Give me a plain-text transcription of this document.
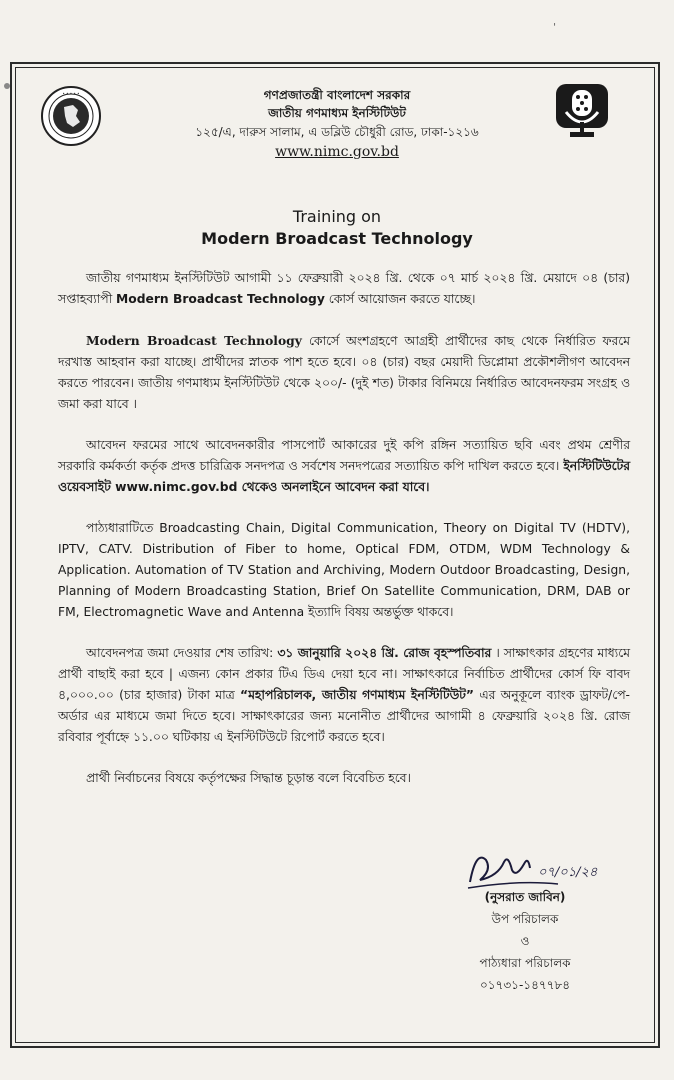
'
• • • • •	গণপ্রজাতন্ত্রী বাংলাদেশ সরকার
জাতীয় গণমাধ্যম ইনস্টিটিউট
১২৫/এ, দারুস সালাম, এ ডব্লিউ চৌধুরী রোড, ঢাকা-১২১৬
www.nimc.gov.bd
Training on
Modern Broadcast Technology

জাতীয় গণমাধ্যম ইনস্টিটিউট আগামী ১১ ফেব্রুয়ারী ২০২৪ খ্রি. থেকে ০৭ মার্চ ২০২৪ খ্রি. মেয়াদে ০৪ (চার) সপ্তাহব্যাপী Modern Broadcast Technology কোর্স আয়োজন করতে যাচ্ছে।

Modern Broadcast Technology কোর্সে অংশগ্রহণে আগ্রহী প্রার্থীদের কাছ থেকে নির্ধারিত ফরমে দরখাস্ত আহবান করা যাচ্ছে। প্রার্থীদের স্নাতক পাশ হতে হবে। ০৪ (চার) বছর মেয়াদী ডিপ্লোমা প্রকৌশলীগণ আবেদন করতে পারবেন। জাতীয় গণমাধ্যম ইনস্টিটিউট থেকে ২০০/- (দুই শত) টাকার বিনিময়ে নির্ধারিত আবেদনফরম সংগ্রহ ও জমা করা যাবে ।

আবেদন ফরমের সাথে আবেদনকারীর পাসপোর্ট আকারের দুই কপি রঙ্গিন সত্যায়িত ছবি এবং প্রথম শ্রেণীর সরকারি কর্মকর্তা কর্তৃক প্রদত্ত চারিত্রিক সনদপত্র ও সর্বশেষ সনদপত্রের সত্যায়িত কপি দাখিল করতে হবে। ইনস্টিটিউটের ওয়েবসাইট www.nimc.gov.bd থেকেও অনলাইনে আবেদন করা যাবে।

পাঠ্যধারাটিতে Broadcasting Chain, Digital Communication, Theory on Digital TV (HDTV), IPTV, CATV. Distribution of Fiber to home, Optical FDM, OTDM, WDM Technology & Application. Automation of TV Station and Archiving, Modern Outdoor Broadcasting, Design, Planning of Modern Broadcasting Station, Brief On Satellite Communication, DRM, DAB or FM, Electromagnetic Wave and Antenna ইত্যাদি বিষয় অন্তর্ভুক্ত থাকবে।

আবেদনপত্র জমা দেওয়ার শেষ তারিখ: ৩১ জানুয়ারি ২০২৪ খ্রি. রোজ বৃহস্পতিবার । সাক্ষাৎকার গ্রহণের মাধ্যমে প্রার্থী বাছাই করা হবে | এজন্য কোন প্রকার টিএ ডিএ দেয়া হবে না। সাক্ষাৎকারে নির্বাচিত প্রার্থীদের কোর্স ফি বাবদ ৪,০০০.০০ (চার হাজার) টাকা মাত্র “মহাপরিচালক, জাতীয় গণমাধ্যম ইনস্টিটিউট” এর অনুকূলে ব্যাংক ড্রাফট/পে-অর্ডার এর মাধ্যমে জমা দিতে হবে। সাক্ষাৎকারের জন্য মনোনীত প্রার্থীদের আগামী ৪ ফেব্রুয়ারি ২০২৪ খ্রি. রোজ রবিবার পূর্বাহ্নে ১১.০০ ঘটিকায় এ ইনস্টিটিউটে রিপোর্ট করতে হবে।

প্রার্থী নির্বাচনের বিষয়ে কর্তৃপক্ষের সিদ্ধান্ত চূড়ান্ত বলে বিবেচিত হবে।

০৭/০১/২৪
(নুসরাত জাবিন)
উপ পরিচালক
ও
পাঠ্যধারা পরিচালক
০১৭৩১-১৪৭৭৮৪
